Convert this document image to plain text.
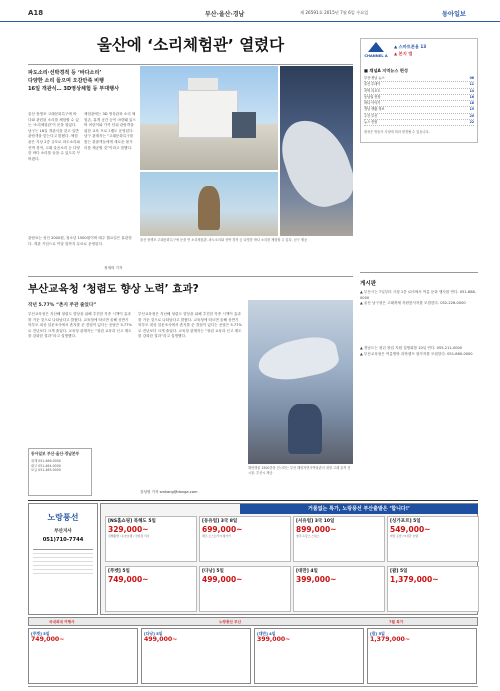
A18	부산·울산·경남	제 26591호 2015년 7월 6일 수요일	동아일보
울산에 ‘소리체험관’ 열렸다
파도소리·선박경적 등 ‘바다소리’
다양한 소리 들으며 오감만족 비행
16일 개관식… 3D영상체험 등 부대행사
울산 장생포 고래문화특구에 바다와 관련된 소리를 체험할 수 있는 ‘소리체험관’이 문을 열었다. 남구는 16일 개관식을 갖고 일반 관람객을 맞는다고 밝혔다. 체험관은 지상 2층 규모로 파도소리와 선박 경적, 고래 울음소리 등 다양한 바다 소리를 들을 수 있도록 꾸며졌다.
체험관에는 3D 영상관과 소리 체험존, 휴게 공간 등이 마련돼 있으며 어린이와 가족 단위 관람객을 위한 교육 프로그램도 운영된다. 남구 관계자는 “고래문화특구를 찾는 관광객들에게 새로운 볼거리를 제공할 것”이라고 말했다.
관람료는 성인 2000원, 청소년 1500원이며 매주 월요일은 휴관한다. 개관 기념으로 이달 말까지 무료로 운영된다.
정재락 기자
울산 장생포 고래문화특구에 문을 연 소리체험관. 파도소리와 선박 경적 등 다양한 바다 소리를 체험할 수 있다. 남구 제공
CHANNEL A
▲ 스마트폰용 13
▲ 본지 앱
■ 채널A 지역뉴스 편성
부산·경남 뉴스	06
울산 투데이	11
지역 리포트	14
동남권 현장	16
바다 이야기	18
경남 생활 정보	19
주간 부산	20
뉴스 종합	22
편성은 방송사 사정에 따라 변경될 수 있습니다.
게시판
▲ 부산시는 7일부터 시청 1층 로비에서 여름 문화 행사를 연다. 051-888-0000
▲ 울산 남구청은 고래축제 자원봉사자를 모집한다. 052-226-0000
▲ 경남도는 청년 창업 지원 설명회를 10일 연다. 055-211-0000
▲ 부산교육청은 여름방학 과학캠프 참가자를 모집한다. 051-860-0000
부산교육청 ‘청렴도 향상 노력’ 효과?
작년 5.77% “촌지 주관 줄었다”
부산교육청은 지난해 청렴도 향상을 위해 추진한 각종 시책이 효과를 거둔 것으로 나타났다고 밝혔다. 교육청에 따르면 올해 상반기 학부모 대상 설문조사에서 촌지를 준 경험이 있다는 응답은 5.77%로 전년보다 크게 줄었다. 교육청 관계자는 “청렴 교육과 신고 제도를 강화한 결과”라고 설명했다.
부산교육청은 지난해 청렴도 향상을 위해 추진한 각종 시책이 효과를 거둔 것으로 나타났다고 밝혔다. 교육청에 따르면 올해 상반기 학부모 대상 설문조사에서 촌지를 준 경험이 있다는 응답은 5.77%로 전년보다 크게 줄었다. 교육청 관계자는 “청렴 교육과 신고 제도를 강화한 결과”라고 설명했다.
동아일보 부산·울산·경남본부
취재 051-466-0000
광고 051-464-0000
보급 051-465-0000
해양생물 1500종을 전시하는 부산 해양자연사박물관의 대형 고래 골격 전시물. 부산시 제공
강성명 기자 smkang@donga.com
노랑풍선
부산지사
051)710-7744
[NS홈쇼핑] 북해도 5일
329,000~
김해출발 / 온천호텔 / 전일정 식사
[동유럽] 3국 8일
699,000~
체코·오스트리아·헝가리
[서유럽] 3국 10일
899,000~
영국·프랑스·스위스
[싱가포르] 5일
549,000~
바탐 포함 / 5성급 호텔
[푸켓] 5일
749,000~
[다낭] 5일
499,000~
[대만] 4일
399,000~
[괌] 5일
1,379,000~
거품없는 특가, 노랑풍선 부산출발은 ‘합니다!’
국내최대 여행사	노랑풍선 부산	7월 특가
[푸켓] 5일
749,000~
[다낭] 5일
499,000~
[대만] 4일
399,000~
[괌] 5일
1,379,000~
